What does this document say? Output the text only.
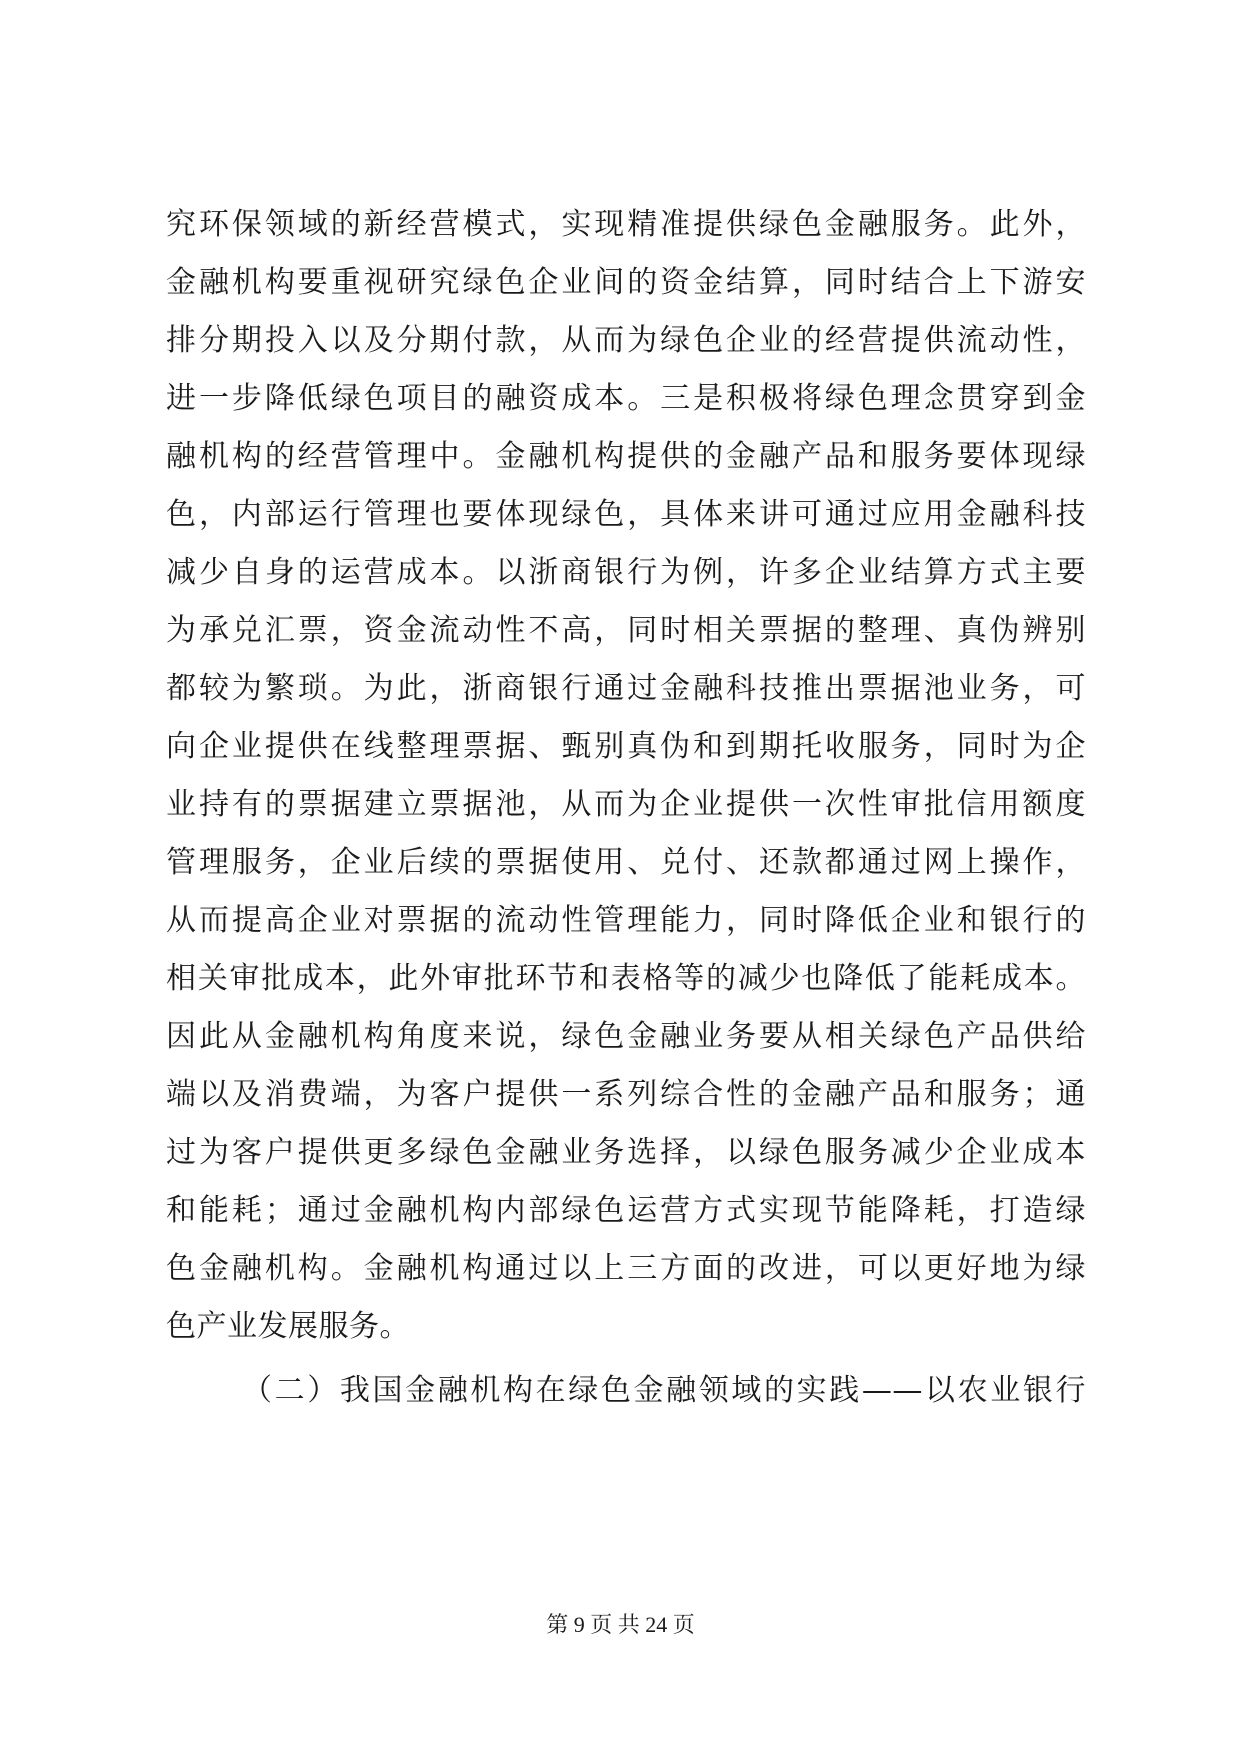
究环保领域的新经营模式，实现精准提供绿色金融服务。此外，
金融机构要重视研究绿色企业间的资金结算，同时结合上下游安
排分期投入以及分期付款，从而为绿色企业的经营提供流动性，
进一步降低绿色项目的融资成本。三是积极将绿色理念贯穿到金
融机构的经营管理中。金融机构提供的金融产品和服务要体现绿
色，内部运行管理也要体现绿色，具体来讲可通过应用金融科技
减少自身的运营成本。以浙商银行为例，许多企业结算方式主要
为承兑汇票，资金流动性不高，同时相关票据的整理、真伪辨别
都较为繁琐。为此，浙商银行通过金融科技推出票据池业务，可
向企业提供在线整理票据、甄别真伪和到期托收服务，同时为企
业持有的票据建立票据池，从而为企业提供一次性审批信用额度
管理服务，企业后续的票据使用、兑付、还款都通过网上操作，
从而提高企业对票据的流动性管理能力，同时降低企业和银行的
相关审批成本，此外审批环节和表格等的减少也降低了能耗成本。
因此从金融机构角度来说，绿色金融业务要从相关绿色产品供给
端以及消费端，为客户提供一系列综合性的金融产品和服务；通
过为客户提供更多绿色金融业务选择，以绿色服务减少企业成本
和能耗；通过金融机构内部绿色运营方式实现节能降耗，打造绿
色金融机构。金融机构通过以上三方面的改进，可以更好地为绿
色产业发展服务。
（二）我国金融机构在绿色金融领域的实践——以农业银行
第 9 页 共 24 页
